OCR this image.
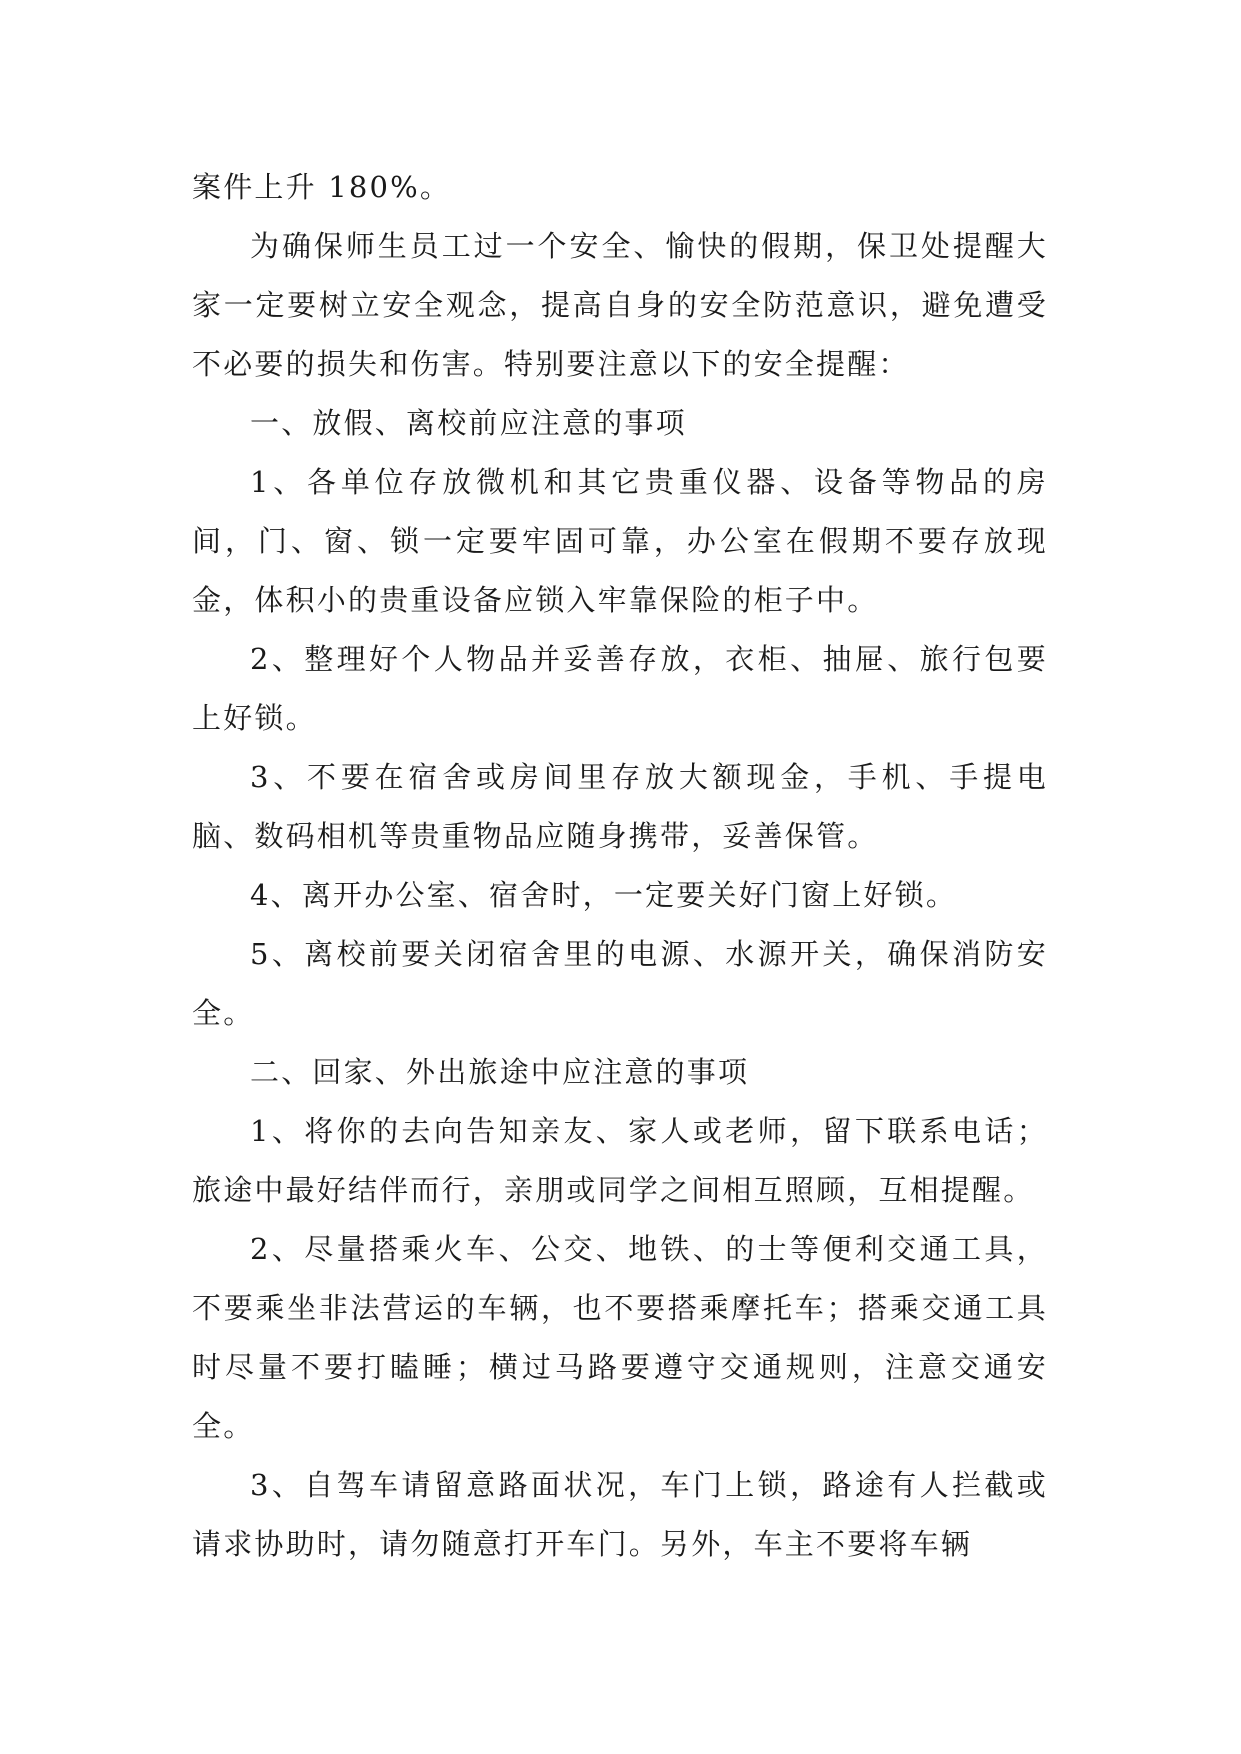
案件上升 180%。

为确保师生员工过一个安全、愉快的假期，保卫处提醒大家一定要树立安全观念，提高自身的安全防范意识，避免遭受不必要的损失和伤害。特别要注意以下的安全提醒：

一、放假、离校前应注意的事项

1、各单位存放微机和其它贵重仪器、设备等物品的房间，门、窗、锁一定要牢固可靠，办公室在假期不要存放现金，体积小的贵重设备应锁入牢靠保险的柜子中。

2、整理好个人物品并妥善存放，衣柜、抽屉、旅行包要上好锁。

3、不要在宿舍或房间里存放大额现金，手机、手提电脑、数码相机等贵重物品应随身携带，妥善保管。

4、离开办公室、宿舍时，一定要关好门窗上好锁。

5、离校前要关闭宿舍里的电源、水源开关，确保消防安全。

二、回家、外出旅途中应注意的事项

1、将你的去向告知亲友、家人或老师，留下联系电话；旅途中最好结伴而行，亲朋或同学之间相互照顾，互相提醒。

2、尽量搭乘火车、公交、地铁、的士等便利交通工具，不要乘坐非法营运的车辆，也不要搭乘摩托车；搭乘交通工具时尽量不要打瞌睡；横过马路要遵守交通规则，注意交通安全。

3、自驾车请留意路面状况，车门上锁，路途有人拦截或请求协助时，请勿随意打开车门。另外，车主不要将车辆
